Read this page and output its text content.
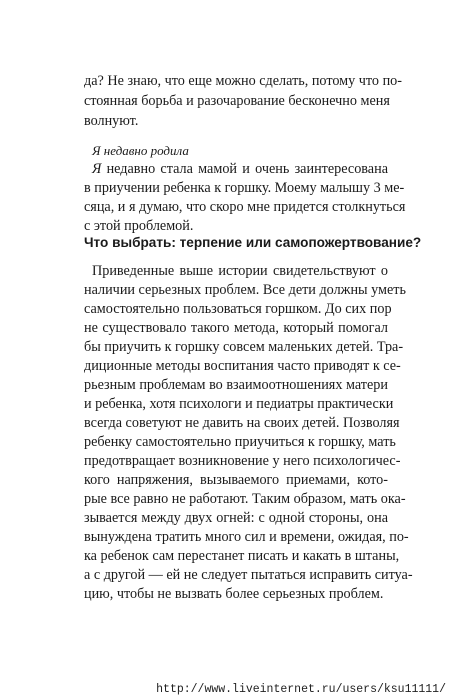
да? Не знаю, что еще можно сделать, потому что по-
стоянная борьба и разочарование бесконечно меня
волнуют.
Я недавно родила
Я недавно стала мамой и очень заинтересована
в приучении ребенка к горшку. Моему малышу 3 ме-
сяца, и я думаю, что скоро мне придется столкнуться
с этой проблемой.
Что выбрать: терпение или самопожертвование?
Приведенные выше истории свидетельствуют о
наличии серьезных проблем. Все дети должны уметь
самостоятельно пользоваться горшком. До сих пор
не существовало такого метода, который помогал
бы приучить к горшку совсем маленьких детей. Тра-
диционные методы воспитания часто приводят к се-
рьезным проблемам во взаимоотношениях матери
и ребенка, хотя психологи и педиатры практически
всегда советуют не давить на своих детей. Позволяя
ребенку самостоятельно приучиться к горшку, мать
предотвращает возникновение у него психологичес-
кого напряжения, вызываемого приемами, кото-
рые все равно не работают. Таким образом, мать ока-
зывается между двух огней: с одной стороны, она
вынуждена тратить много сил и времени, ожидая, по-
ка ребенок сам перестанет писать и какать в штаны,
а с другой — ей не следует пытаться исправить ситуа-
цию, чтобы не вызвать более серьезных проблем.
http://www.liveinternet.ru/users/ksu11111/
